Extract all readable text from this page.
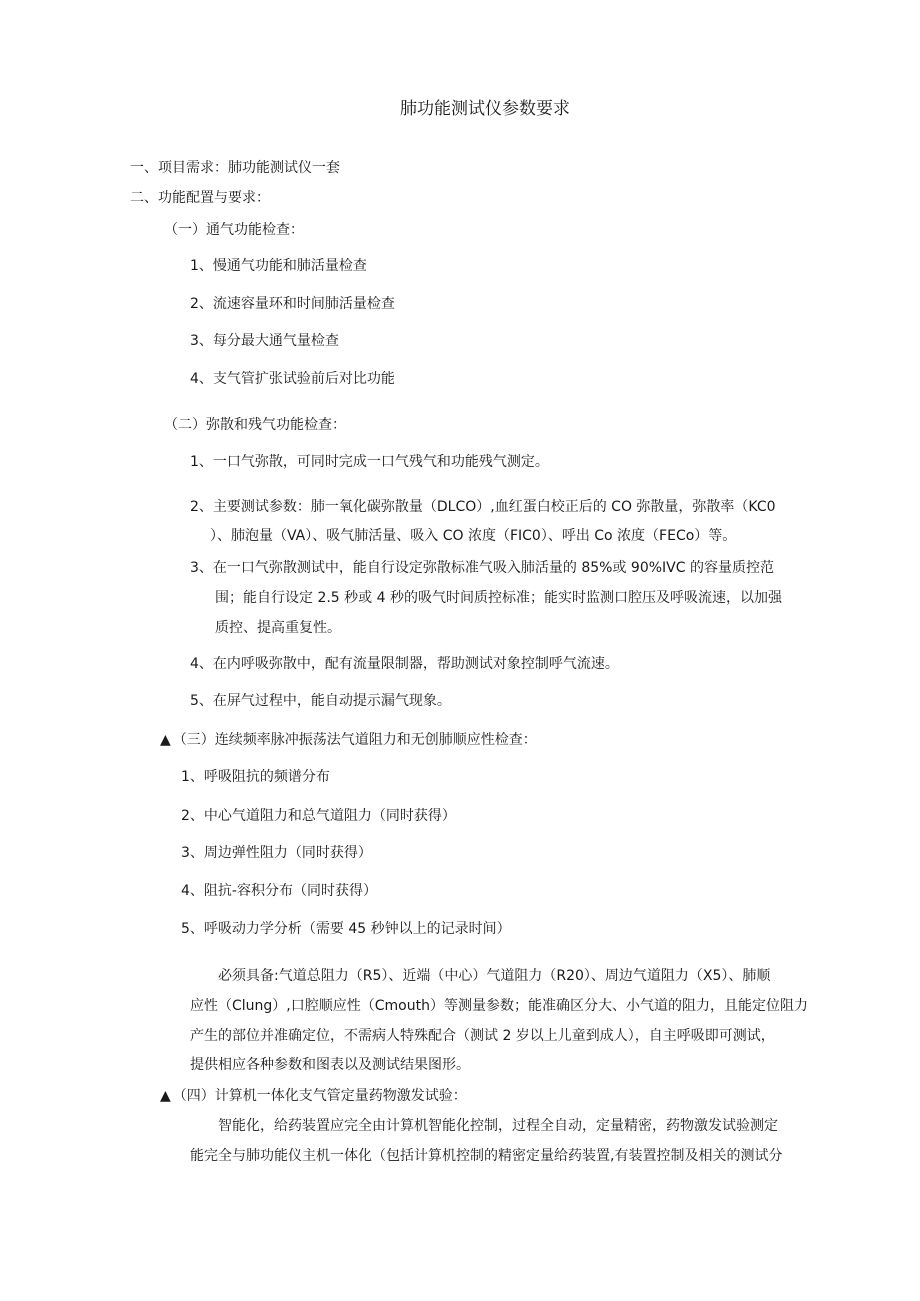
肺功能测试仪参数要求
一、项目需求：肺功能测试仪一套
二、功能配置与要求：
（一）通气功能检查：
1、慢通气功能和肺活量检查
2、流速容量环和时间肺活量检查
3、每分最大通气量检查
4、支气管扩张试验前后对比功能
（二）弥散和残气功能检查：
1、一口气弥散，可同时完成一口气残气和功能残气测定。
2、主要测试参数：肺一氧化碳弥散量（DLCO）,血红蛋白校正后的 CO 弥散量，弥散率（KC0
）、肺泡量（VA）、吸气肺活量、吸入 CO 浓度（FIC0）、呼出 Co 浓度（FECo）等。
3、在一口气弥散测试中，能自行设定弥散标准气吸入肺活量的 85%或 90%IVC 的容量质控范
围；能自行设定 2.5 秒或 4 秒的吸气时间质控标准；能实时监测口腔压及呼吸流速，以加强
质控、提高重复性。
4、在内呼吸弥散中，配有流量限制器，帮助测试对象控制呼气流速。
5、在屏气过程中，能自动提示漏气现象。
▲ （三）连续频率脉冲振荡法气道阻力和无创肺顺应性检查：
1、呼吸阻抗的频谱分布
2、中心气道阻力和总气道阻力（同时获得）
3、周边弹性阻力（同时获得）
4、阻抗-容积分布（同时获得）
5、呼吸动力学分析（需要 45 秒钟以上的记录时间）
必须具备:气道总阻力（R5）、近端（中心）气道阻力（R20）、周边气道阻力（X5）、肺顺
应性（Clung）,口腔顺应性（Cmouth）等测量参数；能准确区分大、小气道的阻力，且能定位阻力
产生的部位并准确定位，不需病人特殊配合（测试 2 岁以上儿童到成人），自主呼吸即可测试，
提供相应各种参数和图表以及测试结果图形。
▲ （四）计算机一体化支气管定量药物激发试验：
智能化，给药装置应完全由计算机智能化控制，过程全自动，定量精密，药物激发试验测定
能完全与肺功能仪主机一体化（包括计算机控制的精密定量给药装置,有装置控制及相关的测试分
